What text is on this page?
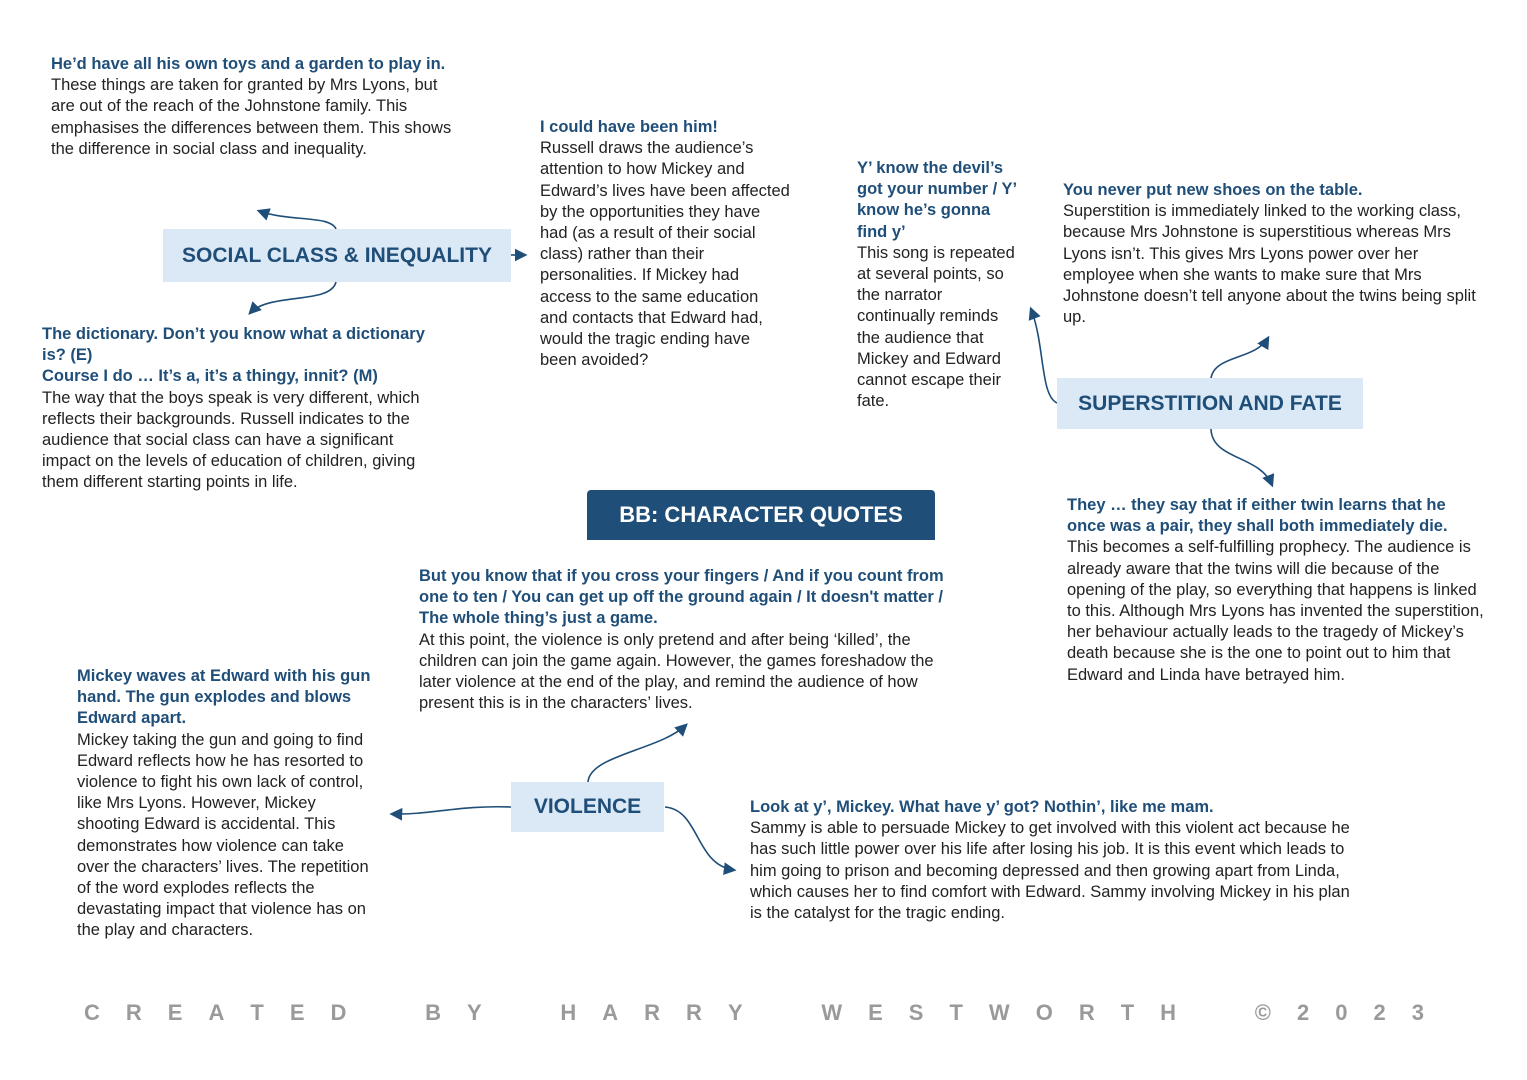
SOCIAL CLASS & INEQUALITY
SUPERSTITION AND FATE
VIOLENCE
BB: CHARACTER QUOTES
He’d have all his own toys and a garden to play in.
These things are taken for granted by Mrs Lyons, but are out of the reach of the Johnstone family. This emphasises the differences between them. This shows the difference in social class and inequality.
The dictionary. Don’t you know what a dictionary is? (E)
Course I do … It’s a, it’s a thingy, innit? (M)
The way that the boys speak is very different, which reflects their backgrounds. Russell indicates to the audience that social class can have a significant impact on the levels of education of children, giving them different starting points in life.
I could have been him!
Russell draws the audience’s attention to how Mickey and Edward’s lives have been affected by the opportunities they have had (as a result of their social class) rather than their personalities. If Mickey had access to the same education and contacts that Edward had, would the tragic ending have been avoided?
Y’ know the devil’s got your number / Y’ know he’s gonna find y’
This song is repeated at several points, so the narrator continually reminds the audience that Mickey and Edward cannot escape their fate.
You never put new shoes on the table.
Superstition is immediately linked to the working class, because Mrs Johnstone is superstitious whereas Mrs Lyons isn’t. This gives Mrs Lyons power over her employee when she wants to make sure that Mrs Johnstone doesn’t tell anyone about the twins being split up.
They … they say that if either twin learns that he once was a pair, they shall both immediately die.
This becomes a self-fulfilling prophecy. The audience is already aware that the twins will die because of the opening of the play, so everything that happens is linked to this. Although Mrs Lyons has invented the superstition, her behaviour actually leads to the tragedy of Mickey’s death because she is the one to point out to him that Edward and Linda have betrayed him.
But you know that if you cross your fingers / And if you count from one to ten / You can get up off the ground again / It doesn't matter / The whole thing’s just a game.
At this point, the violence is only pretend and after being ‘killed’, the children can join the game again. However, the games foreshadow the later violence at the end of the play, and remind the audience of how present this is in the characters’ lives.
Mickey waves at Edward with his gun hand. The gun explodes and blows Edward apart.
Mickey taking the gun and going to find Edward reflects how he has resorted to violence to fight his own lack of control, like Mrs Lyons. However, Mickey shooting Edward is accidental. This demonstrates how violence can take over the characters’ lives. The repetition of the word explodes reflects the devastating impact that violence has on the play and characters.
Look at y’, Mickey. What have y’ got? Nothin’, like me mam.
Sammy is able to persuade Mickey to get involved with this violent act because he has such little power over his life after losing his job. It is this event which leads to him going to prison and becoming depressed and then growing apart from Linda, which causes her to find comfort with Edward. Sammy involving Mickey in his plan is the catalyst for the tragic ending.
C R E A T E D	B Y	H A R R Y	W E S T W O R T H	© 2 0 2 3
